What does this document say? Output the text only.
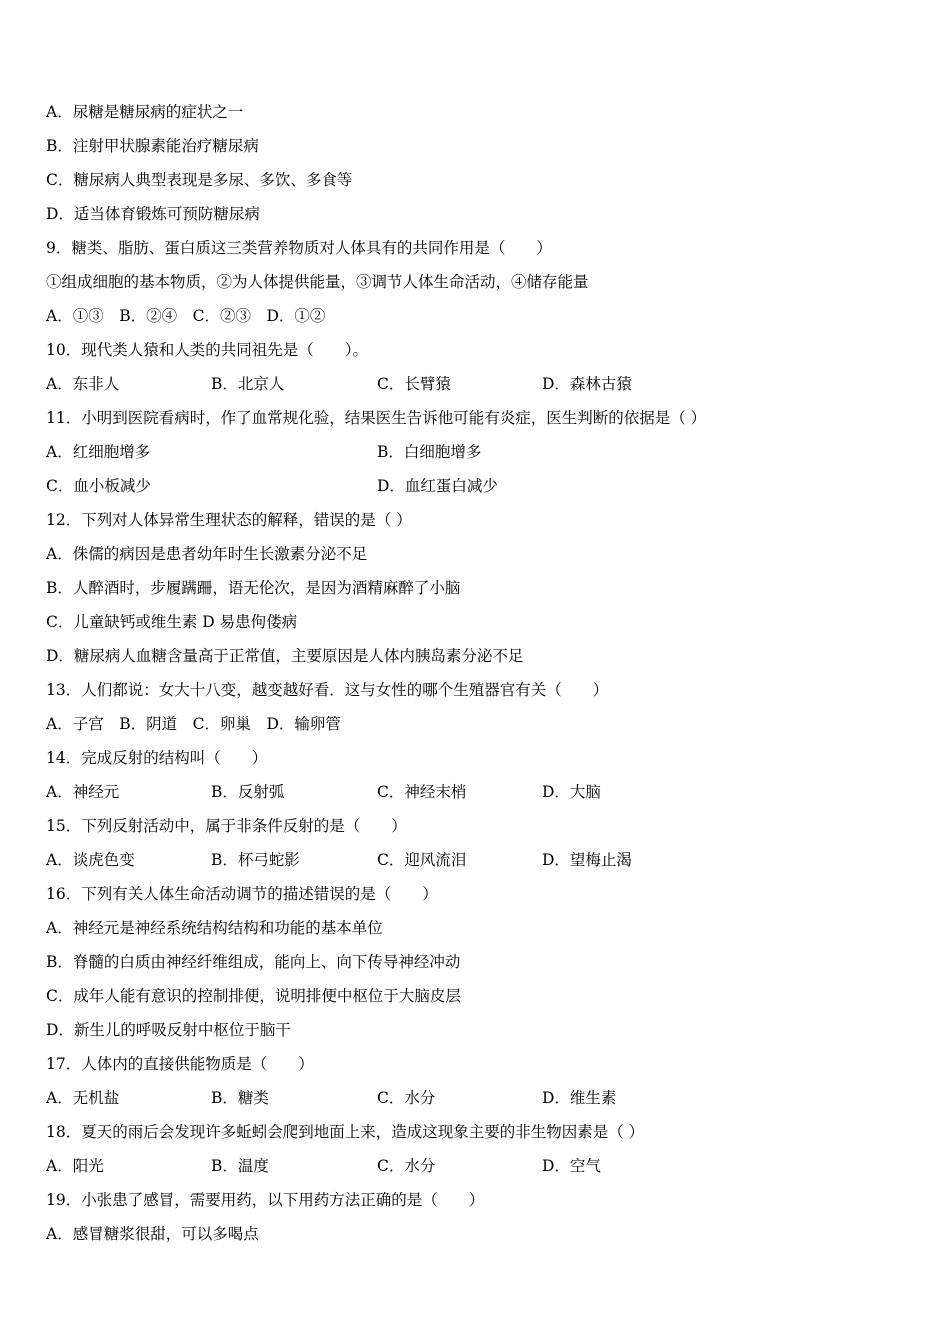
A．尿糖是糖尿病的症状之一
B．注射甲状腺素能治疗糖尿病
C．糖尿病人典型表现是多尿、多饮、多食等
D．适当体育锻炼可预防糖尿病
9．糖类、脂肪、蛋白质这三类营养物质对人体具有的共同作用是（　　）
①组成细胞的基本物质，②为人体提供能量，③调节人体生命活动，④储存能量
A．①③　B．②④　C．②③　D．①②
10．现代类人猿和人类的共同祖先是（　　）。
A．东非人	B．北京人	C．长臂猿	D．森林古猿
11．小明到医院看病时，作了血常规化验，结果医生告诉他可能有炎症，医生判断的依据是（ ）
A．红细胞增多	B．白细胞增多
C．血小板减少	D．血红蛋白减少
12．下列对人体异常生理状态的解释，错误的是（ ）
A．侏儒的病因是患者幼年时生长激素分泌不足
B．人醉酒时，步履蹒跚，语无伦次，是因为酒精麻醉了小脑
C．儿童缺钙或维生素 D 易患佝偻病
D．糖尿病人血糖含量高于正常值，主要原因是人体内胰岛素分泌不足
13．人们都说：女大十八变，越变越好看．这与女性的哪个生殖器官有关（　　）
A．子宫　B．阴道　C．卵巢　D．输卵管
14．完成反射的结构叫（　　）
A．神经元	B．反射弧	C．神经末梢	D．大脑
15．下列反射活动中，属于非条件反射的是（　　）
A．谈虎色变	B．杯弓蛇影	C．迎风流泪	D．望梅止渴
16．下列有关人体生命活动调节的描述错误的是（　　）
A．神经元是神经系统结构结构和功能的基本单位
B．脊髓的白质由神经纤维组成，能向上、向下传导神经冲动
C．成年人能有意识的控制排便，说明排便中枢位于大脑皮层
D．新生儿的呼吸反射中枢位于脑干
17．人体内的直接供能物质是（　　）
A．无机盐	B．糖类	C．水分	D．维生素
18．夏天的雨后会发现许多蚯蚓会爬到地面上来，造成这现象主要的非生物因素是（ ）
A．阳光	B．温度	C．水分	D．空气
19．小张患了感冒，需要用药，以下用药方法正确的是（　　）
A．感冒糖浆很甜，可以多喝点
